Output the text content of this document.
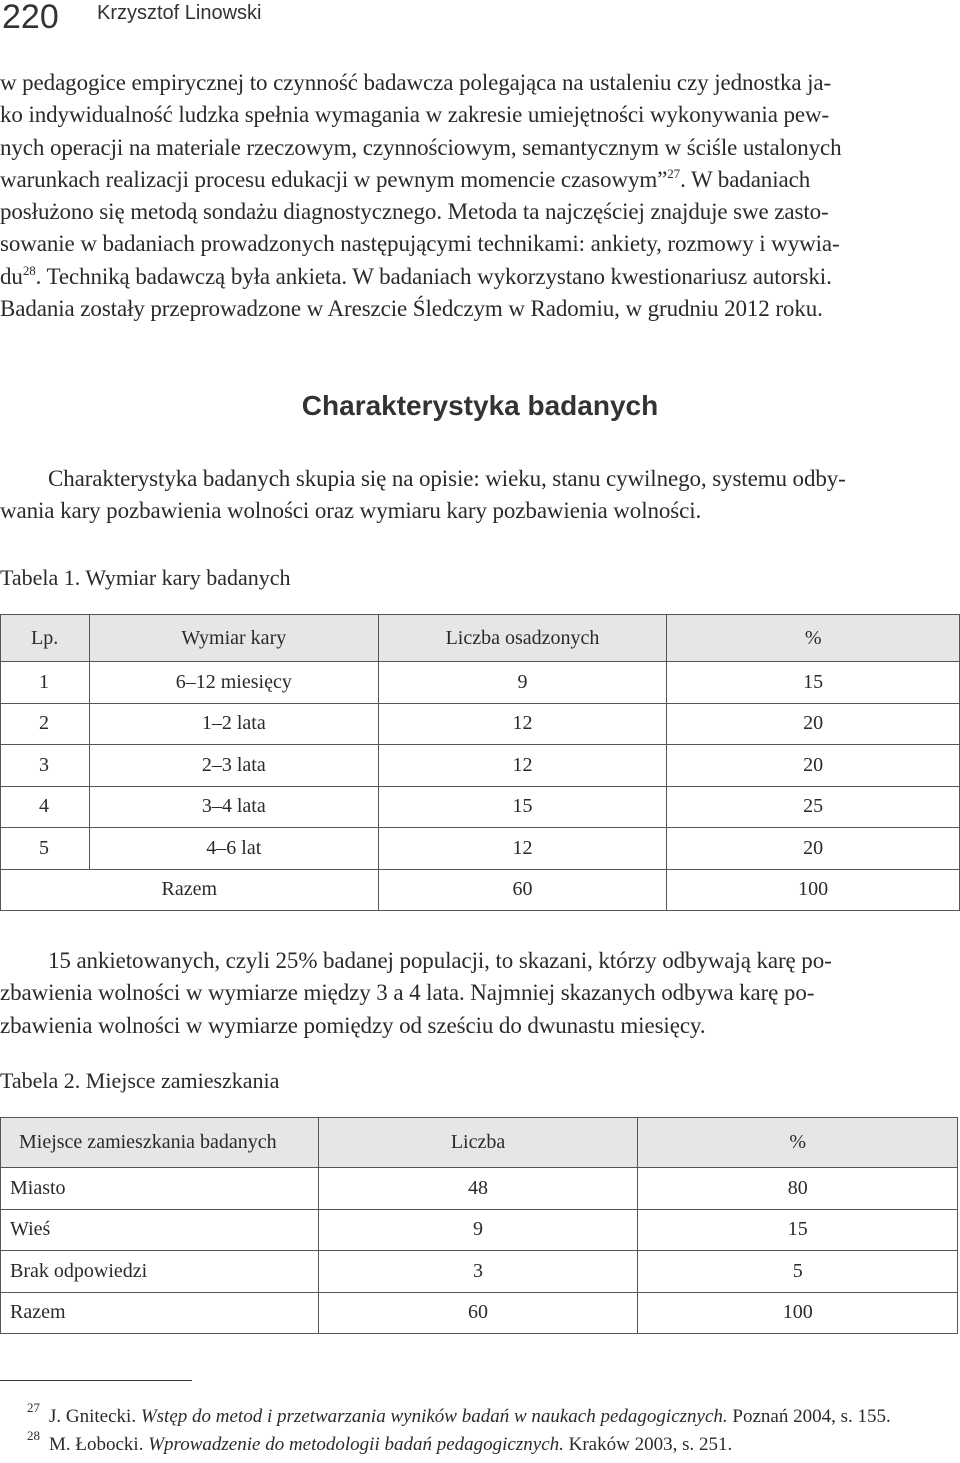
220 Krzysztof Linowski
w pedagogice empirycznej to czynność badawcza polegająca na ustaleniu czy jednostka ja-
ko indywidualność ludzka spełnia wymagania w zakresie umiejętności wykonywania pew-
nych operacji na materiale rzeczowym, czynnościowym, semantycznym w ściśle ustalonych
warunkach realizacji procesu edukacji w pewnym momencie czasowym”$^{27}$. W badaniach
posłużono się metodą sondażu diagnostycznego. Metoda ta najczęściej znajduje swe zasto-
sowanie w badaniach prowadzonych następującymi technikami: ankiety, rozmowy i wywia-
$du^{28}$. Techniką badawczą była ankieta. W badaniach wykorzystano kwestionariusz autorski.
Badania zostały przeprowadzone w Areszcie Śledczym w Radomiu, w grudniu 2012 roku.
Charakterystyka badanych
Charakterystyka badanych skupia się na opisie: wieku, stanu cywilnego, systemu odby-
wania kary pozbawienia wolności oraz wymiaru kary pozbawienia wolności.
Tabela 1. Wymiar kary badanych
Lp.	Wymiar kary	Liczba osadzonych	%
1	6–12 miesięcy	9	15
2	1–2 lata	12	20
3	2–3 lata	12	20
4	3–4 lata	15	25
5	4–6 lat	12	20
Razem		60	100
15 ankietowanych, czyli 25% badanej populacji, to skazani, którzy odbywają karę po-
zbawienia wolności w wymiarze między 3 a 4 lata. Najmniej skazanych odbywa karę po-
zbawienia wolności w wymiarze pomiędzy od sześciu do dwunastu miesięcy.
Tabela 2. Miejsce zamieszkania
Miejsce zamieszkania badanych	Liczba	%
Miasto	48	80
Wieś	9	15
Brak odpowiedzi	3	5
Razem	60	100
27 J. Gnitecki. Wstęp do metod i przetwarzania wyników badań w naukach pedagogicznych. Poznań 2004, s. 155.
28 M. Łobocki. Wprowadzenie do metodologii badań pedagogicznych. Kraków 2003, s. 251.
